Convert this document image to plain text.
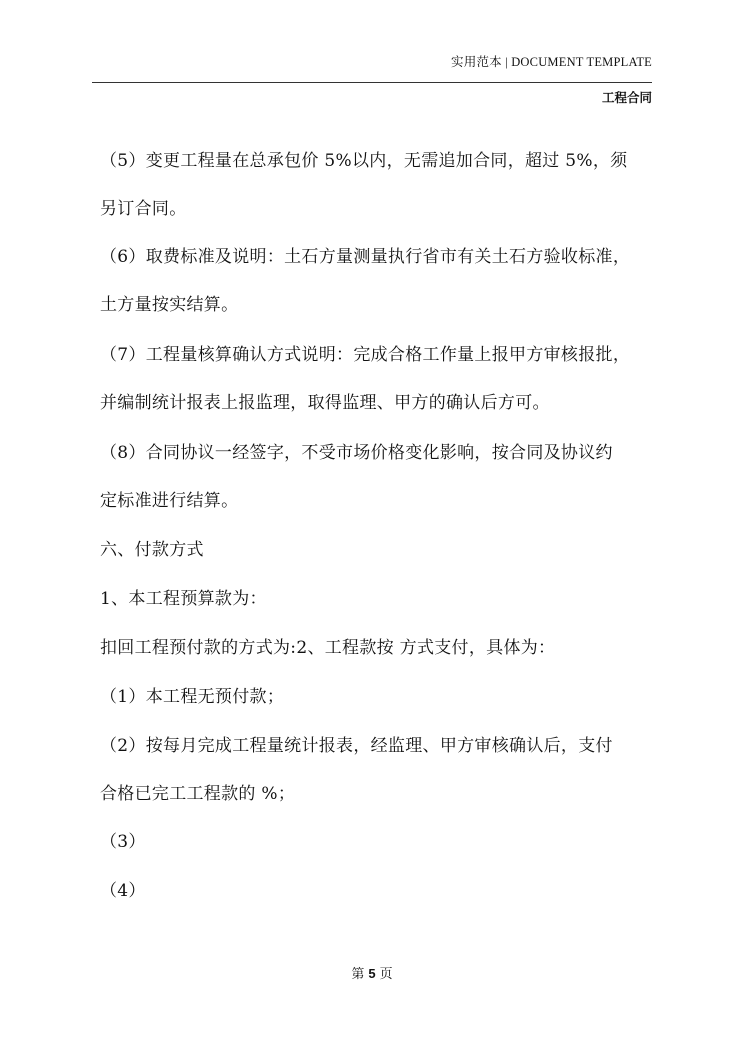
实用范本 | DOCUMENT TEMPLATE
工程合同
（5）变更工程量在总承包价 5%以内，无需追加合同，超过 5%，须
另订合同。
（6）取费标准及说明：土石方量测量执行省市有关土石方验收标准，
土方量按实结算。
（7）工程量核算确认方式说明：完成合格工作量上报甲方审核报批，
并编制统计报表上报监理，取得监理、甲方的确认后方可。
（8）合同协议一经签字，不受市场价格变化影响，按合同及协议约
定标准进行结算。
六、付款方式
1、本工程预算款为：
扣回工程预付款的方式为:2、工程款按 方式支付，具体为：
（1）本工程无预付款；
（2）按每月完成工程量统计报表，经监理、甲方审核确认后，支付
合格已完工工程款的 %；
（3）
（4）
第 5 页
